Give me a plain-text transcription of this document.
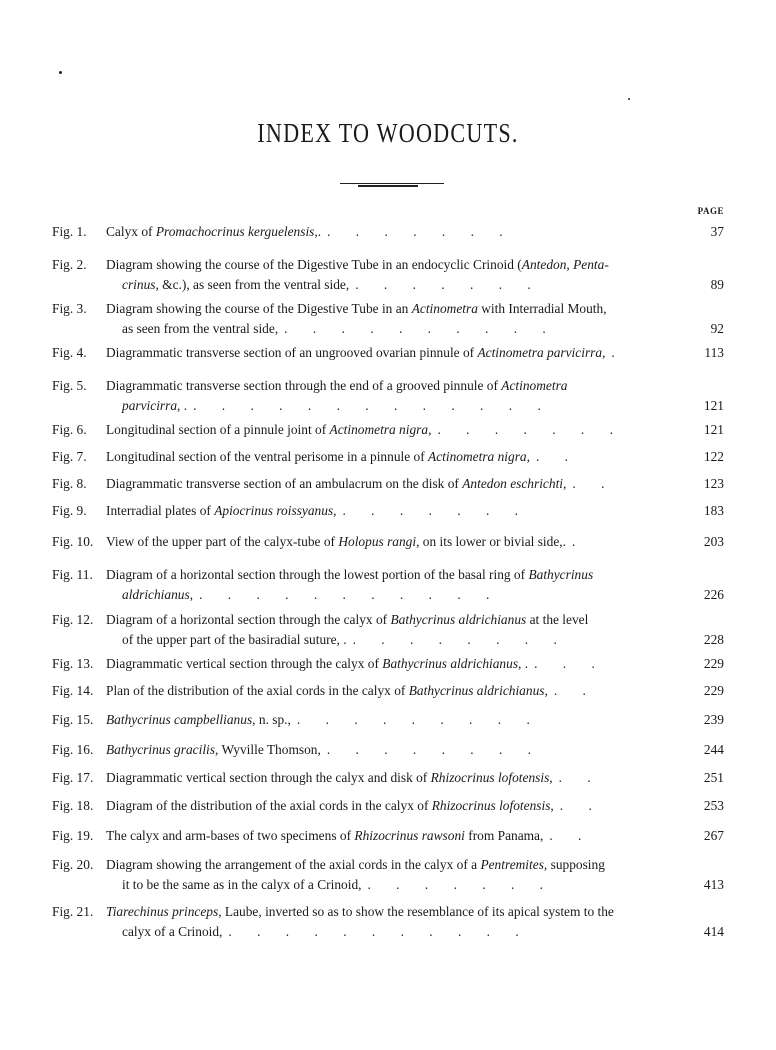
INDEX TO WOODCUTS.
PAGE
Fig. 1.	Calyx of Promachocrinus kerguelensis,. . . . . . . .	37
Fig. 2.	Diagram showing the course of the Digestive Tube in an endocyclic Crinoid (Antedon, Penta-
crinus, &c.), as seen from the ventral side, . . . . . . .	89
Fig. 3.	Diagram showing the course of the Digestive Tube in an Actinometra with Interradial Mouth,
as seen from the ventral side, . . . . . . . . . .	92
Fig. 4.	Diagrammatic transverse section of an ungrooved ovarian pinnule of Actinometra parvicirra, .	113
Fig. 5.	Diagrammatic transverse section through the end of a grooved pinnule of Actinometra
parvicirra, . . . . . . . . . . . . . .	121
Fig. 6.	Longitudinal section of a pinnule joint of Actinometra nigra, . . . . . . .	121
Fig. 7.	Longitudinal section of the ventral perisome in a pinnule of Actinometra nigra, . .	122
Fig. 8.	Diagrammatic transverse section of an ambulacrum on the disk of Antedon eschrichti, . .	123
Fig. 9.	Interradial plates of Apiocrinus roissyanus, . . . . . . .	183
Fig. 10. View of the upper part of the calyx-tube of Holopus rangi, on its lower or bivial side,. .	203
Fig. 11. Diagram of a horizontal section through the lowest portion of the basal ring of Bathycrinus
aldrichianus, . . . . . . . . . . .	226
Fig. 12. Diagram of a horizontal section through the calyx of Bathycrinus aldrichianus at the level
of the upper part of the basiradial suture, . . . . . . . . .	228
Fig. 13. Diagrammatic vertical section through the calyx of Bathycrinus aldrichianus, . . . .	229
Fig. 14. Plan of the distribution of the axial cords in the calyx of Bathycrinus aldrichianus, . .	229
Fig. 15. Bathycrinus campbellianus, n. sp., . . . . . . . . .	239
Fig. 16. Bathycrinus gracilis, Wyville Thomson, . . . . . . . .	244
Fig. 17. Diagrammatic vertical section through the calyx and disk of Rhizocrinus lofotensis, . .	251
Fig. 18. Diagram of the distribution of the axial cords in the calyx of Rhizocrinus lofotensis, . .	253
Fig. 19. The calyx and arm-bases of two specimens of Rhizocrinus rawsoni from Panama, . .	267
Fig. 20. Diagram showing the arrangement of the axial cords in the calyx of a Pentremites, supposing
it to be the same as in the calyx of a Crinoid, . . . . . . .	413
Fig. 21. Tiarechinus princeps, Laube, inverted so as to show the resemblance of its apical system to the
calyx of a Crinoid, . . . . . . . . . . .	414
